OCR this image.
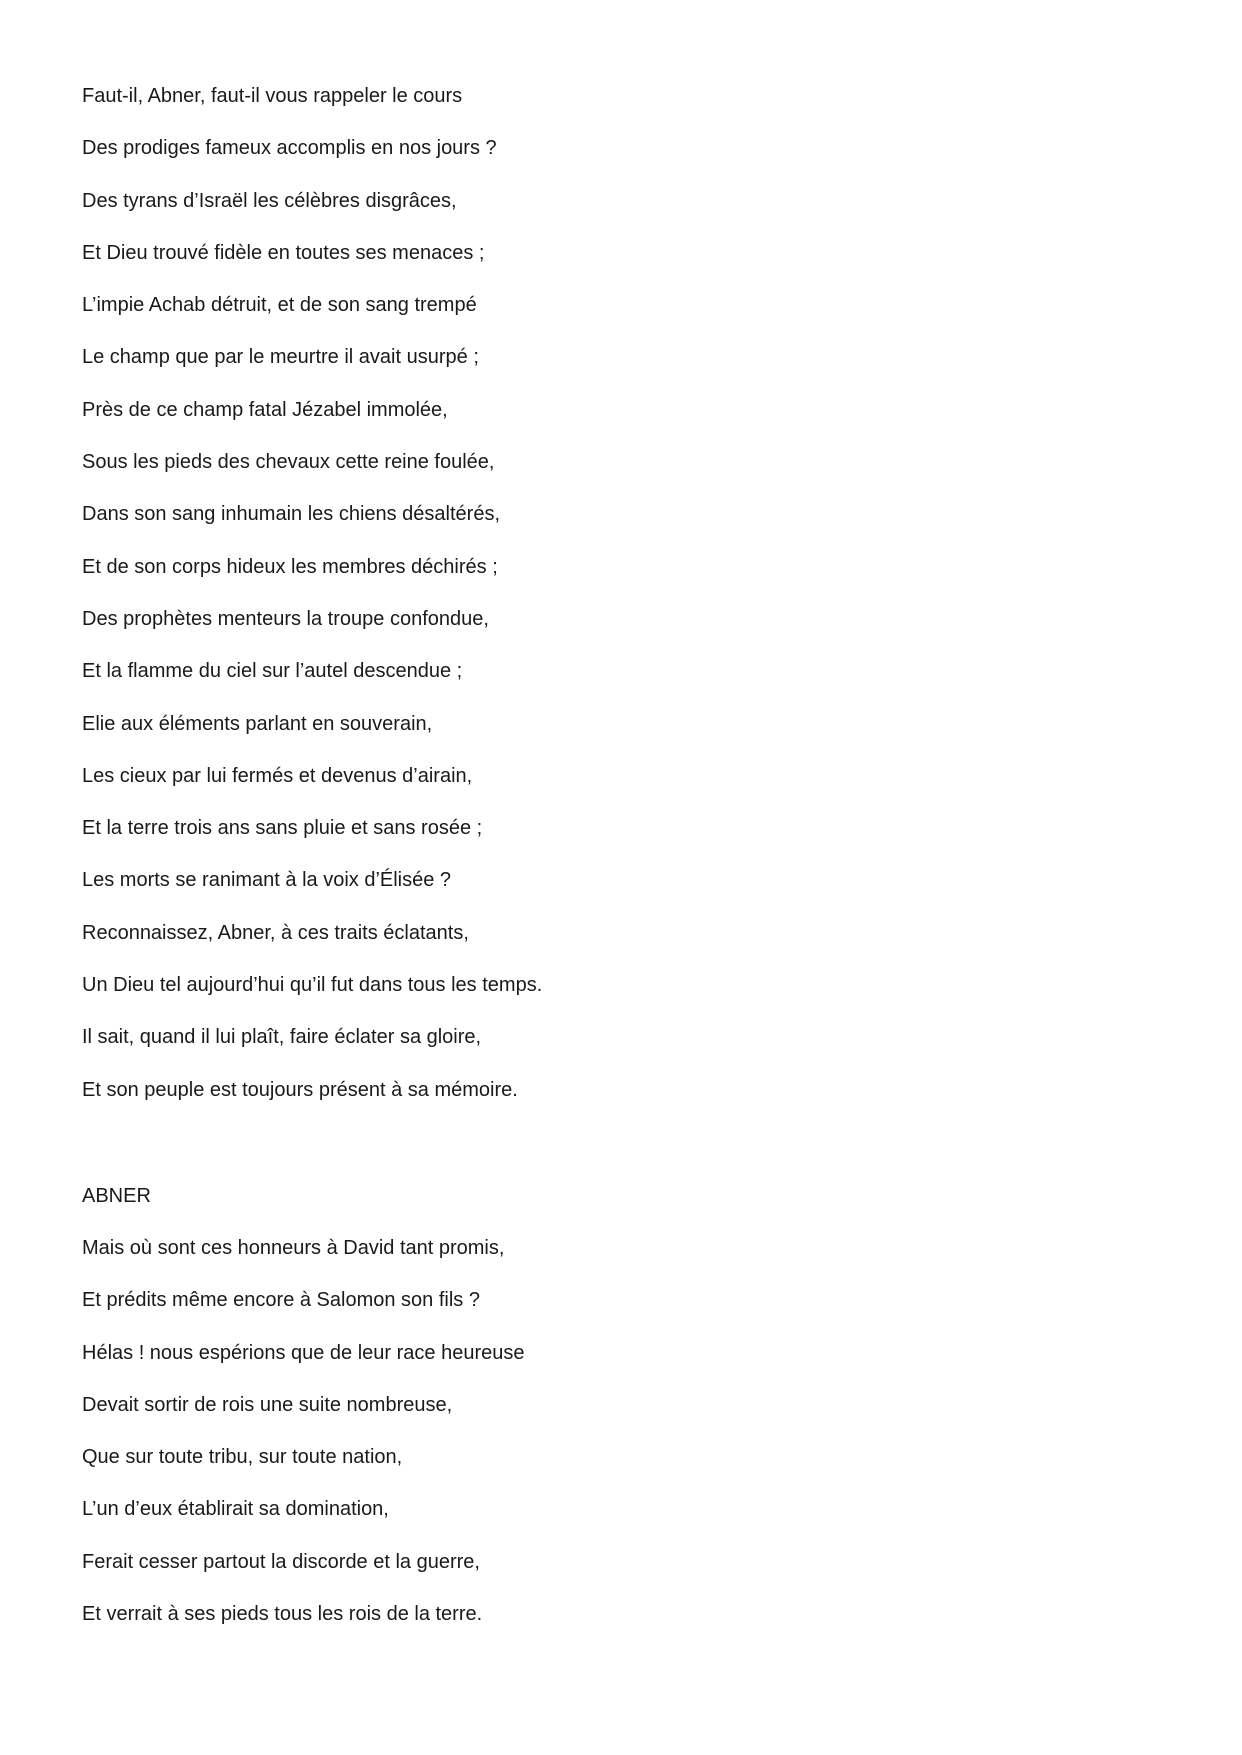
Faut-il, Abner, faut-il vous rappeler le cours
Des prodiges fameux accomplis en nos jours ?
Des tyrans d’Israël les célèbres disgrâces,
Et Dieu trouvé fidèle en toutes ses menaces ;
L’impie Achab détruit, et de son sang trempé
Le champ que par le meurtre il avait usurpé ;
Près de ce champ fatal Jézabel immolée,
Sous les pieds des chevaux cette reine foulée,
Dans son sang inhumain les chiens désaltérés,
Et de son corps hideux les membres déchirés ;
Des prophètes menteurs la troupe confondue,
Et la flamme du ciel sur l’autel descendue ;
Elie aux éléments parlant en souverain,
Les cieux par lui fermés et devenus d’airain,
Et la terre trois ans sans pluie et sans rosée ;
Les morts se ranimant à la voix d’Élisée ?
Reconnaissez, Abner, à ces traits éclatants,
Un Dieu tel aujourd’hui qu’il fut dans tous les temps.
Il sait, quand il lui plaît, faire éclater sa gloire,
Et son peuple est toujours présent à sa mémoire.
ABNER
Mais où sont ces honneurs à David tant promis,
Et prédits même encore à Salomon son fils ?
Hélas ! nous espérions que de leur race heureuse
Devait sortir de rois une suite nombreuse,
Que sur toute tribu, sur toute nation,
L’un d’eux établirait sa domination,
Ferait cesser partout la discorde et la guerre,
Et verrait à ses pieds tous les rois de la terre.
